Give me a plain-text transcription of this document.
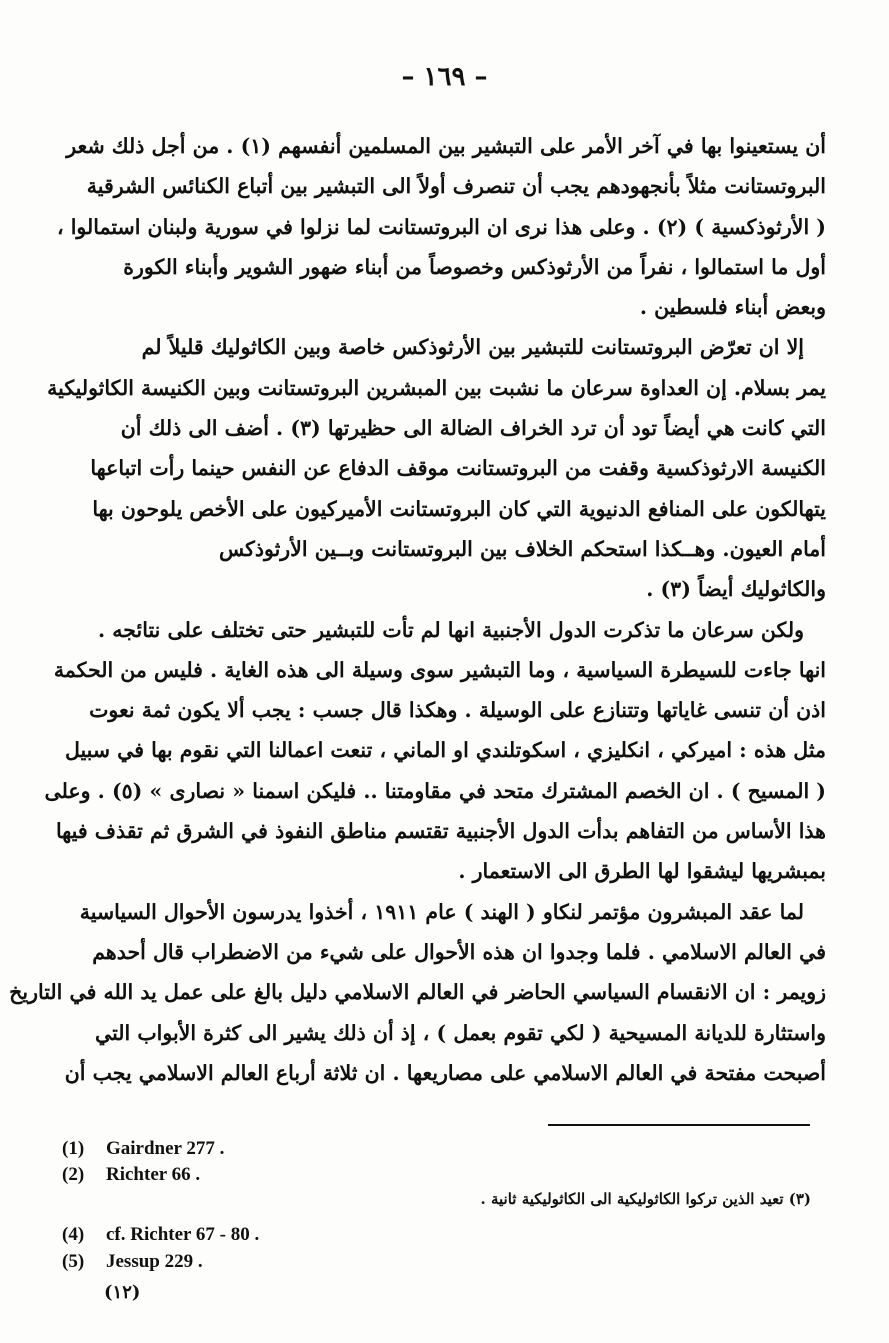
– ١٦٩ –

أن يستعينوا بها في آخر الأمر على التبشير بين المسلمين أنفسهم (١) . من أجل ذلك شعر
البروتستانت مثلاً بأنجهودهم يجب أن تنصرف أولاً الى التبشير بين أتباع الكنائس الشرقية
( الأرثوذكسية ) (٢) . وعلى هذا نرى ان البروتستانت لما نزلوا في سورية ولبنان استمالوا ،
أول ما استمالوا ، نفراً من الأرثوذكس وخصوصاً من أبناء ضهور الشوير وأبناء الكورة
وبعض أبناء فلسطين .

إلا ان تعرّض البروتستانت للتبشير بين الأرثوذكس خاصة وبين الكاثوليك قليلاً لم
يمر بسلام. إن العداوة سرعان ما نشبت بين المبشرين البروتستانت وبين الكنيسة الكاثوليكية
التي كانت هي أيضاً تود أن ترد الخراف الضالة الى حظيرتها (٣) . أضف الى ذلك أن
الكنيسة الارثوذكسية وقفت من البروتستانت موقف الدفاع عن النفس حينما رأت اتباعها
يتهالكون على المنافع الدنيوية التي كان البروتستانت الأميركيون على الأخص يلوحون بها
أمام العيون. وهــكذا استحكم الخلاف بين البروتستانت وبــين الأرثوذكس
والكاثوليك أيضاً (٣) .

ولكن سرعان ما تذكرت الدول الأجنبية انها لم تأت للتبشير حتى تختلف على نتائجه .
انها جاءت للسيطرة السياسية ، وما التبشير سوى وسيلة الى هذه الغاية . فليس من الحكمة
اذن أن تنسى غاياتها وتتنازع على الوسيلة . وهكذا قال جسب : يجب ألا يكون ثمة نعوت
مثل هذه : اميركي ، انكليزي ، اسكوتلندي او الماني ، تنعت اعمالنا التي نقوم بها في سبيل
( المسيح ) . ان الخصم المشترك متحد في مقاومتنا .. فليكن اسمنا « نصارى » (٥) . وعلى
هذا الأساس من التفاهم بدأت الدول الأجنبية تقتسم مناطق النفوذ في الشرق ثم تقذف فيها
بمبشريها ليشقوا لها الطرق الى الاستعمار .

لما عقد المبشرون مؤتمر لنكاو ( الهند ) عام ١٩١١ ، أخذوا يدرسون الأحوال السياسية
في العالم الاسلامي . فلما وجدوا ان هذه الأحوال على شيء من الاضطراب قال أحدهم
زويمر : ان الانقسام السياسي الحاضر في العالم الاسلامي دليل بالغ على عمل يد الله في التاريخ
واستثارة للديانة المسيحية ( لكي تقوم بعمل ) ، إذ أن ذلك يشير الى كثرة الأبواب التي
أصبحت مفتحة في العالم الاسلامي على مصاريعها . ان ثلاثة أرباع العالم الاسلامي يجب أن

(1) Gairdner 277 .
(2) Richter 66 .
(٣) تعيد الذين تركوا الكاثوليكية الى الكاثوليكية ثانية .
(4) cf. Richter 67 - 80 .
(5) Jessup 229 .
(١٢)
